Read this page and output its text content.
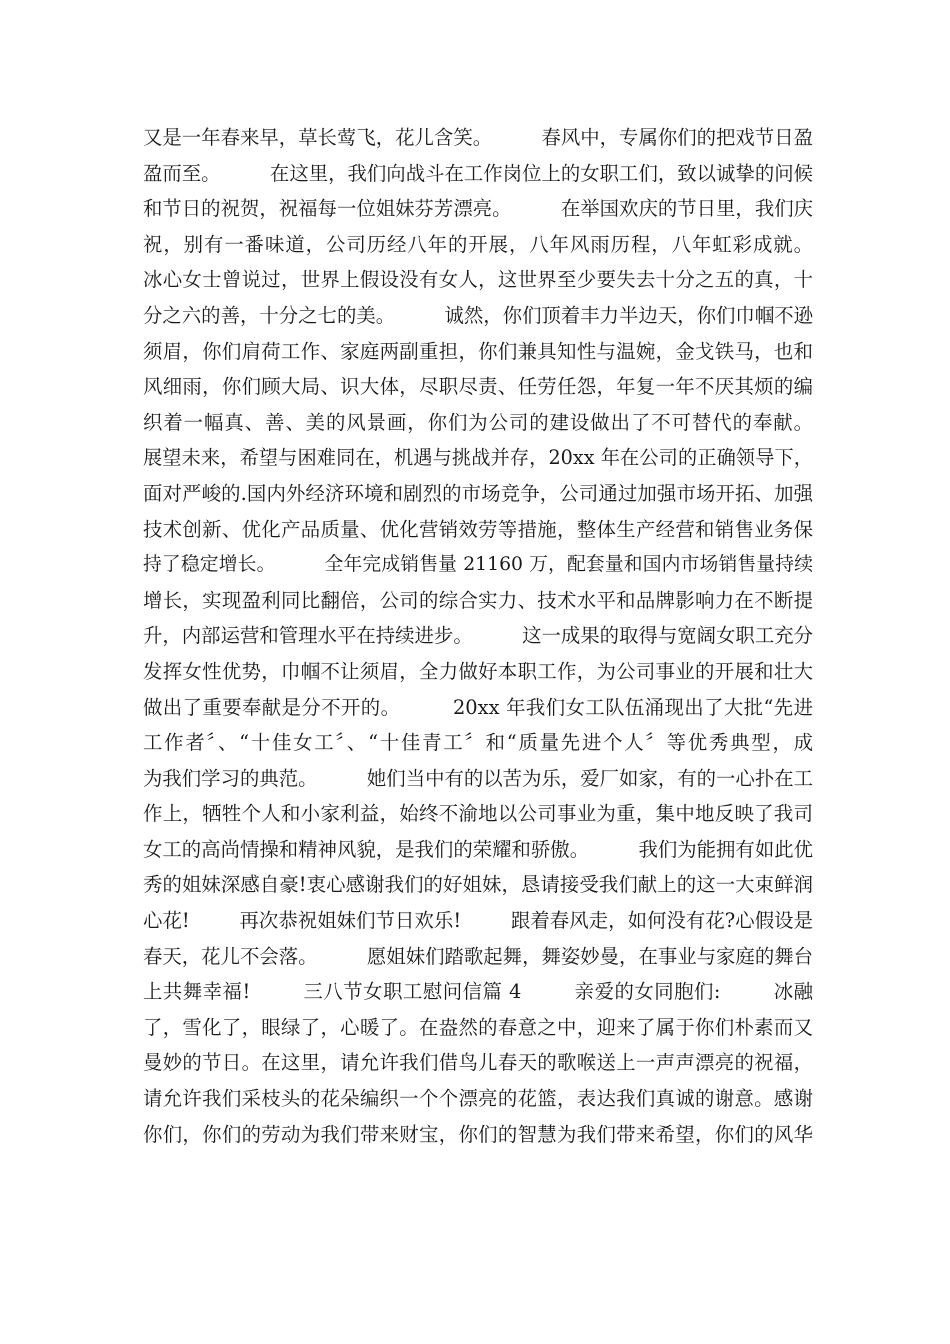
又是一年春来早，草长莺飞，花儿含笑。        春风中，专属你们的把戏节日盈
盈而至。        在这里，我们向战斗在工作岗位上的女职工们，致以诚挚的问候
和节日的祝贺，祝福每一位姐妹芬芳漂亮。        在举国欢庆的节日里，我们庆
祝，别有一番味道，公司历经八年的开展，八年风雨历程，八年虹彩成就。
冰心女士曾说过，世界上假设没有女人，这世界至少要失去十分之五的真，十
分之六的善，十分之七的美。        诚然，你们顶着丰力半边天，你们巾帼不逊
须眉，你们肩荷工作、家庭两副重担，你们兼具知性与温婉，金戈铁马，也和
风细雨，你们顾大局、识大体，尽职尽责、任劳任怨，年复一年不厌其烦的编
织着一幅真、善、美的风景画，你们为公司的建设做出了不可替代的奉献。
展望未来，希望与困难同在，机遇与挑战并存，20xx 年在公司的正确领导下，
面对严峻的.国内外经济环境和剧烈的市场竞争，公司通过加强市场开拓、加强
技术创新、优化产品质量、优化营销效劳等措施，整体生产经营和销售业务保
持了稳定增长。        全年完成销售量 21160 万，配套量和国内市场销售量持续
增长，实现盈利同比翻倍，公司的综合实力、技术水平和品牌影响力在不断提
升，内部运营和管理水平在持续进步。        这一成果的取得与宽阔女职工充分
发挥女性优势，巾帼不让须眉，全力做好本职工作，为公司事业的开展和壮大
做出了重要奉献是分不开的。        20xx 年我们女工队伍涌现出了大批“先进
工作者〞、“十佳女工〞、“十佳青工〞和“质量先进个人〞等优秀典型，成
为我们学习的典范。        她们当中有的以苦为乐，爱厂如家，有的一心扑在工
作上，牺牲个人和小家利益，始终不渝地以公司事业为重，集中地反映了我司
女工的高尚情操和精神风貌，是我们的荣耀和骄傲。        我们为能拥有如此优
秀的姐妹深感自豪!衷心感谢我们的好姐妹，恳请接受我们献上的这一大束鲜润
心花!        再次恭祝姐妹们节日欢乐!        跟着春风走，如何没有花?心假设是
春天，花儿不会落。        愿姐妹们踏歌起舞，舞姿妙曼，在事业与家庭的舞台
上共舞幸福!        三八节女职工慰问信篇 4        亲爱的女同胞们:        冰融
了，雪化了，眼绿了，心暖了。在盎然的春意之中，迎来了属于你们朴素而又
曼妙的节日。在这里，请允许我们借鸟儿春天的歌喉送上一声声漂亮的祝福，
请允许我们采枝头的花朵编织一个个漂亮的花篮，表达我们真诚的谢意。感谢
你们，你们的劳动为我们带来财宝，你们的智慧为我们带来希望，你们的风华
